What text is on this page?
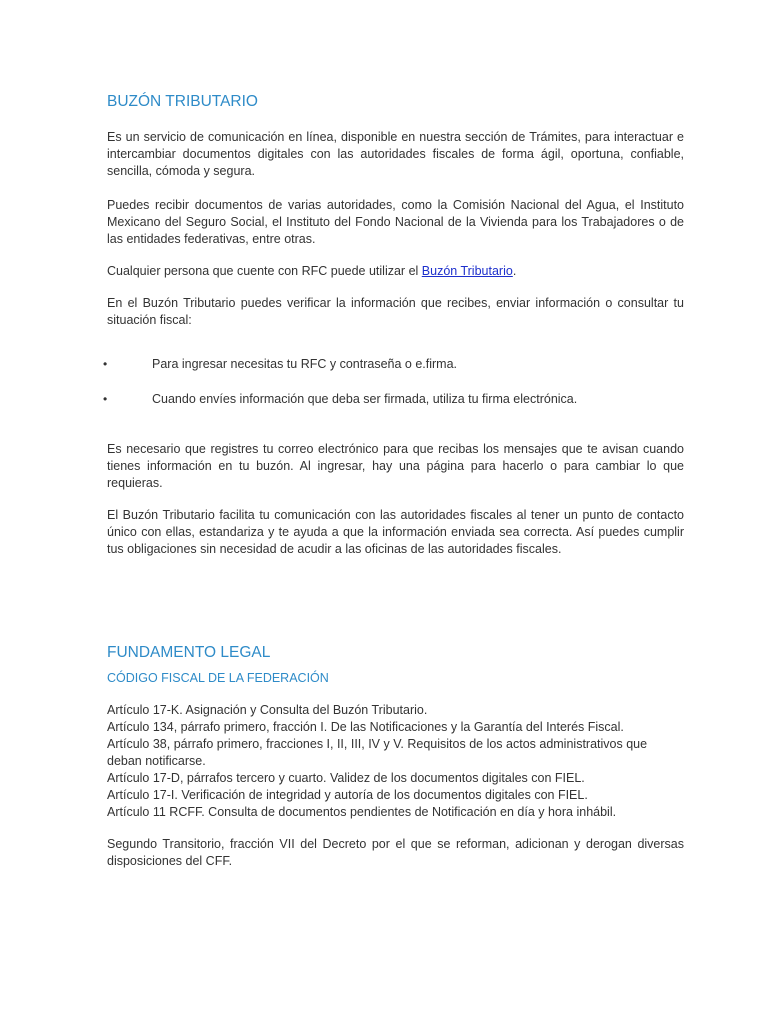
BUZÓN TRIBUTARIO

Es un servicio de comunicación en línea, disponible en nuestra sección de Trámites, para interactuar e intercambiar documentos digitales con las autoridades fiscales de forma ágil, oportuna, confiable, sencilla, cómoda y segura.

Puedes recibir documentos de varias autoridades, como la Comisión Nacional del Agua, el Instituto Mexicano del Seguro Social, el Instituto del Fondo Nacional de la Vivienda para los Trabajadores o de las entidades federativas, entre otras.

Cualquier persona que cuente con RFC puede utilizar el Buzón Tributario.

En el Buzón Tributario puedes verificar la información que recibes, enviar información o consultar tu situación fiscal:

•	Para ingresar necesitas tu RFC y contraseña o e.firma.
•	Cuando envíes información que deba ser firmada, utiliza tu firma electrónica.

Es necesario que registres tu correo electrónico para que recibas los mensajes que te avisan cuando tienes información en tu buzón. Al ingresar, hay una página para hacerlo o para cambiar lo que requieras.

El Buzón Tributario facilita tu comunicación con las autoridades fiscales al tener un punto de contacto único con ellas, estandariza y te ayuda a que la información enviada sea correcta. Así puedes cumplir tus obligaciones sin necesidad de acudir a las oficinas de las autoridades fiscales.

FUNDAMENTO LEGAL
CÓDIGO FISCAL DE LA FEDERACIÓN
Artículo 17-K. Asignación y Consulta del Buzón Tributario.
Artículo 134, párrafo primero, fracción I. De las Notificaciones y la Garantía del Interés Fiscal.
Artículo 38, párrafo primero, fracciones I, II, III, IV y V. Requisitos de los actos administrativos que deban notificarse.
Artículo 17-D, párrafos tercero y cuarto. Validez de los documentos digitales con FIEL.
Artículo 17-I. Verificación de integridad y autoría de los documentos digitales con FIEL.
Artículo 11 RCFF. Consulta de documentos pendientes de Notificación en día y hora inhábil.

Segundo Transitorio, fracción VII del Decreto por el que se reforman, adicionan y derogan diversas disposiciones del CFF.
